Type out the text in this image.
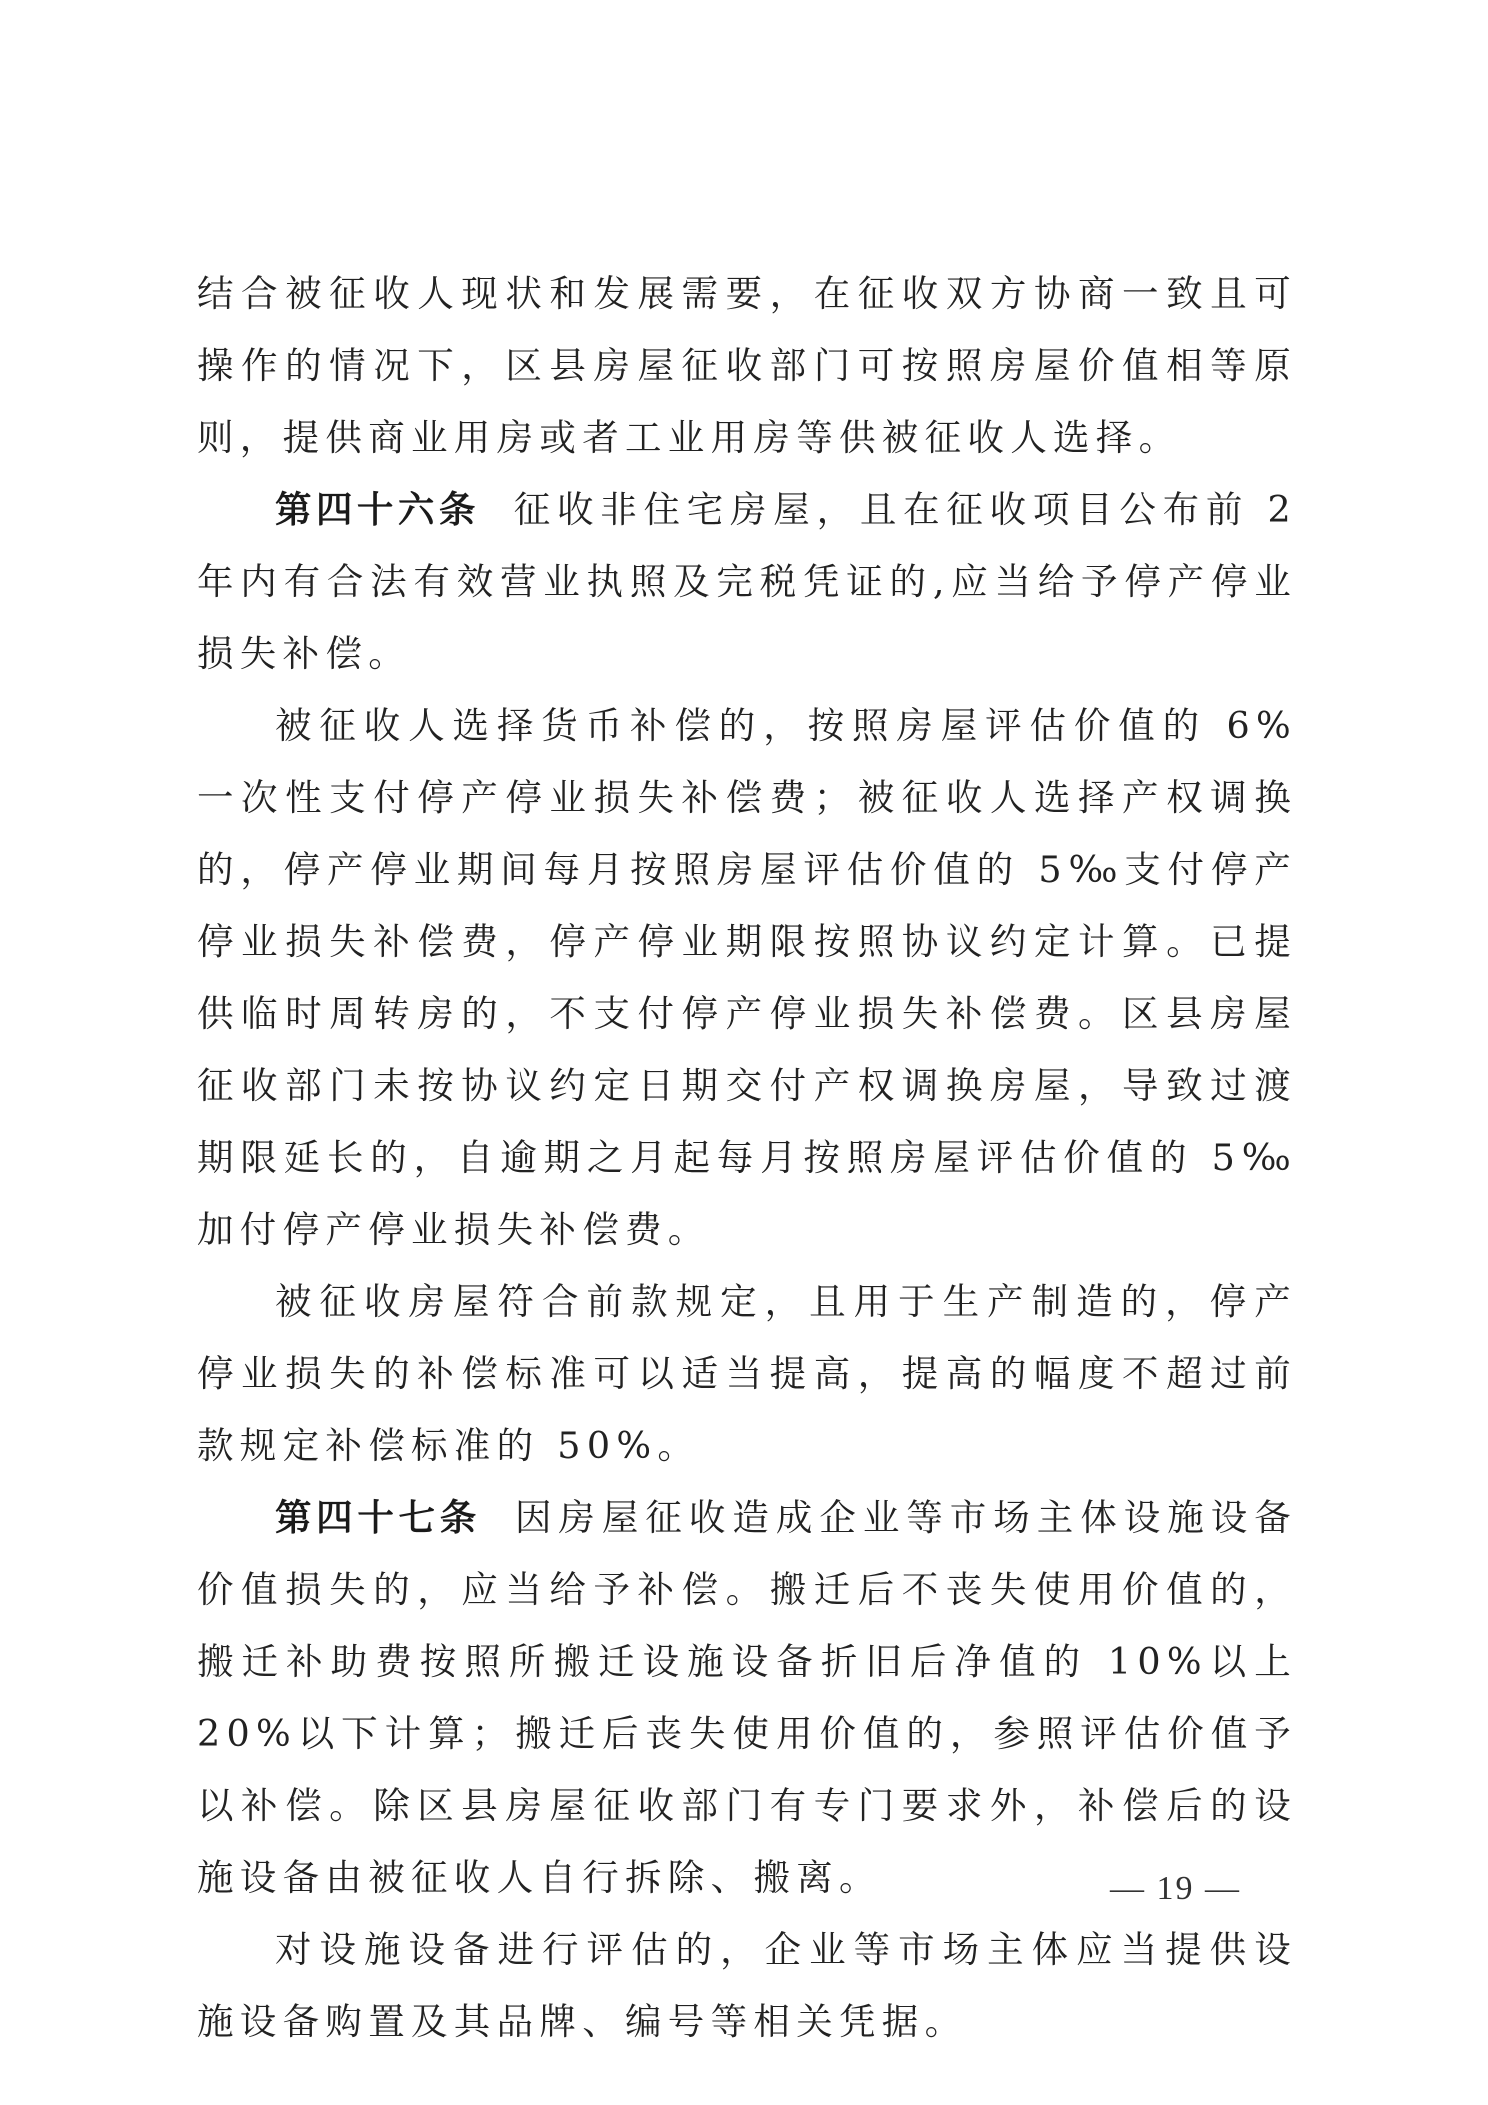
结合被征收人现状和发展需要，在征收双方协商一致且可操作的情况下，区县房屋征收部门可按照房屋价值相等原则，提供商业用房或者工业用房等供被征收人选择。

第四十六条 征收非住宅房屋，且在征收项目公布前 2 年内有合法有效营业执照及完税凭证的,应当给予停产停业损失补偿。

被征收人选择货币补偿的，按照房屋评估价值的 6%一次性支付停产停业损失补偿费；被征收人选择产权调换的，停产停业期间每月按照房屋评估价值的 5‰支付停产停业损失补偿费，停产停业期限按照协议约定计算。已提供临时周转房的，不支付停产停业损失补偿费。区县房屋征收部门未按协议约定日期交付产权调换房屋，导致过渡期限延长的，自逾期之月起每月按照房屋评估价值的 5‰加付停产停业损失补偿费。

被征收房屋符合前款规定，且用于生产制造的，停产停业损失的补偿标准可以适当提高，提高的幅度不超过前款规定补偿标准的 50%。

第四十七条 因房屋征收造成企业等市场主体设施设备价值损失的，应当给予补偿。搬迁后不丧失使用价值的，搬迁补助费按照所搬迁设施设备折旧后净值的 10%以上 20%以下计算；搬迁后丧失使用价值的，参照评估价值予以补偿。除区县房屋征收部门有专门要求外，补偿后的设施设备由被征收人自行拆除、搬离。

对设施设备进行评估的，企业等市场主体应当提供设施设备购置及其品牌、编号等相关凭据。

— 19 —
